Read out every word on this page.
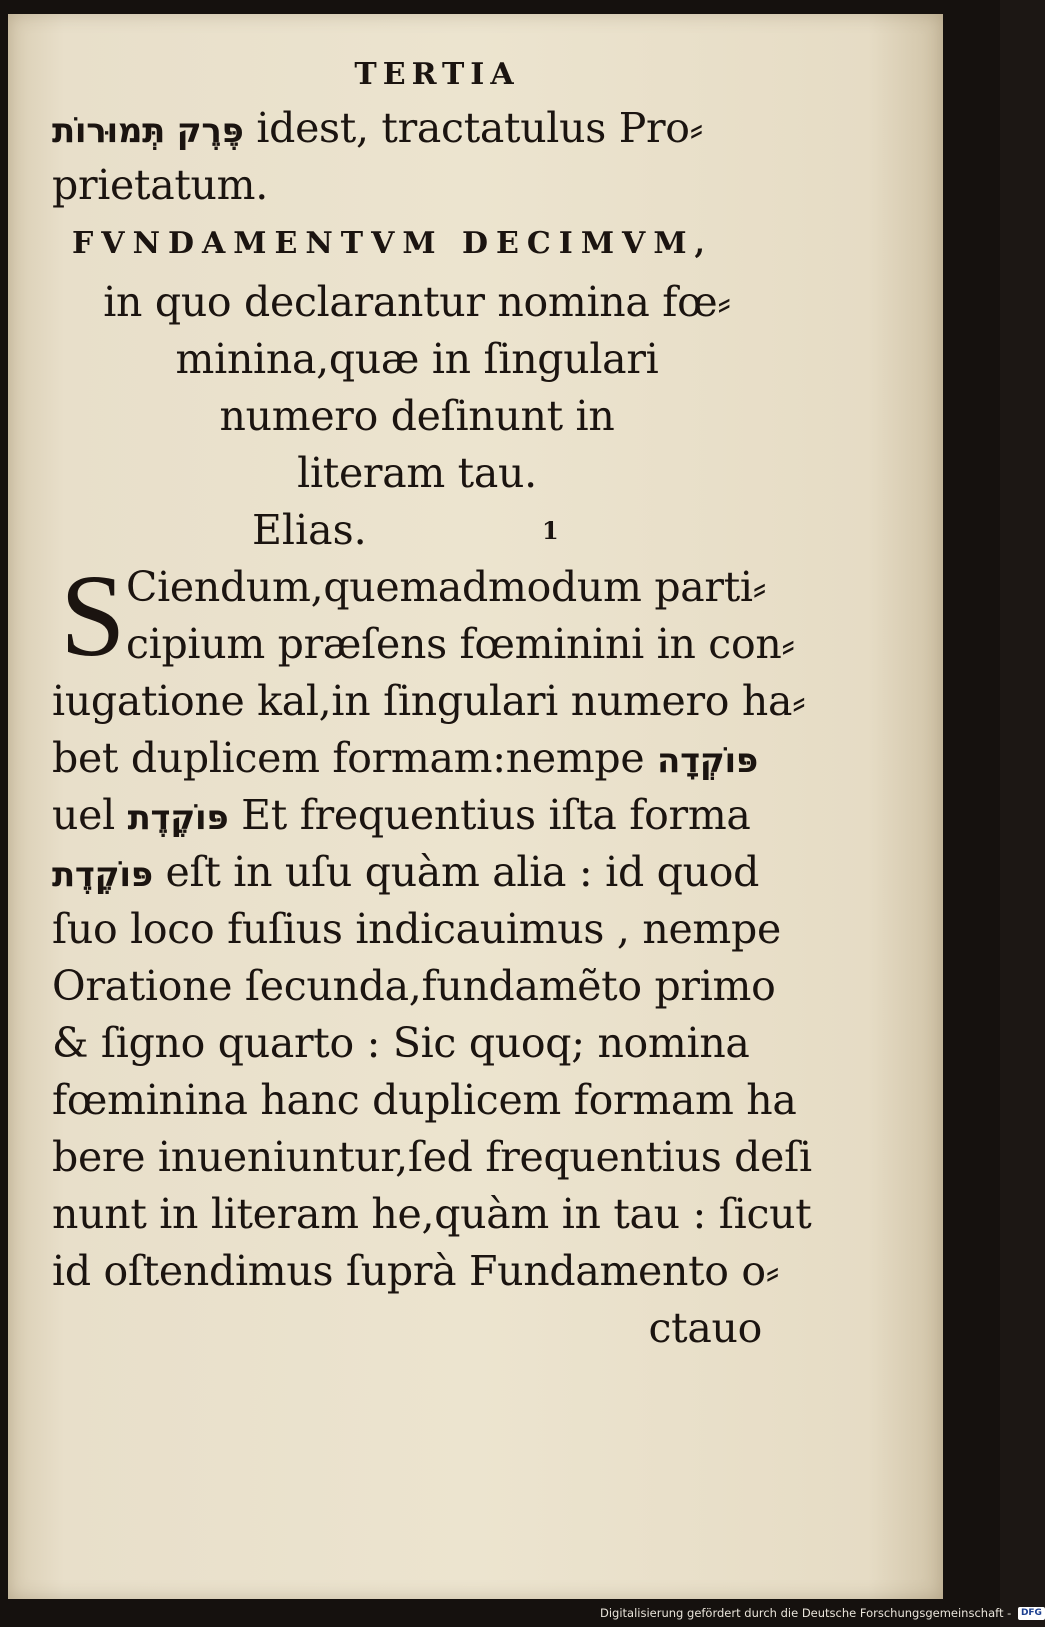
TERTIA
פֶּרֶק תְּמוּרוֹת idest, tractatulus Pro⸗
prietatum.
FVNDAMENTVM DECIMVM,
in quo declarantur nomina fœ⸗
minina,quæ in ſingulari
numero deſinunt in
literam tau.
Elias.	1
S Ciendum,quemadmodum parti⸗
cipium præſens fœminini in con⸗
iugatione kal,in ſingulari numero ha⸗
bet duplicem formam:nempe פּוֹקְדָה
uel פּוֹקֶדֶת Et frequentius iſta forma
פּוֹקֶדֶת eſt in uſu quàm alia : id quod
ſuo loco fuſius indicauimus , nempe
Oratione ſecunda,fundamẽto primo
& ſigno quarto : Sic quoq; nomina
fœminina hanc duplicem formam ha
bere inueniuntur,ſed frequentius deſi
nunt in literam he,quàm in tau : ſicut
id oſtendimus ſuprà Fundamento o⸗
ctauo
Digitalisierung gefördert durch die Deutsche Forschungsgemeinschaft - DFG
